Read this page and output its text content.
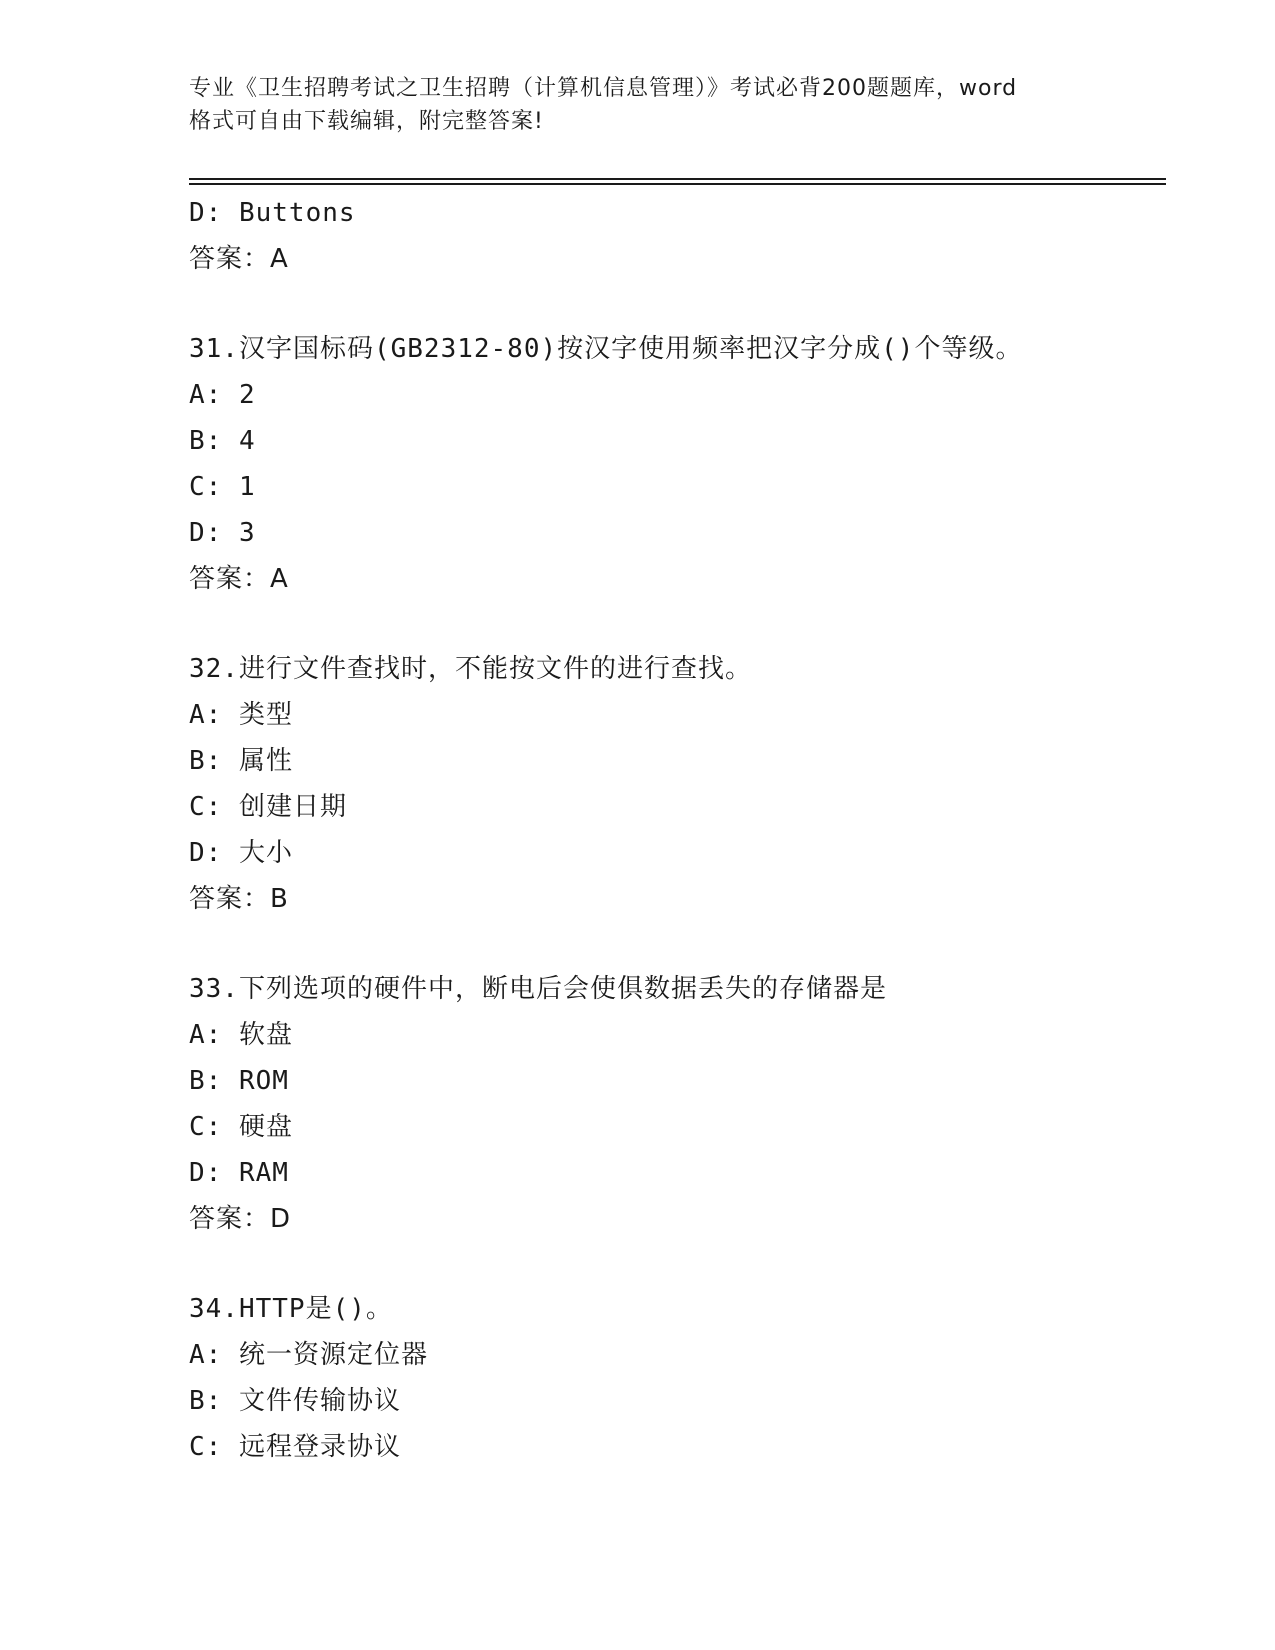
专业《卫生招聘考试之卫生招聘（计算机信息管理）》考试必背200题题库，word
格式可自由下载编辑，附完整答案!
D: Buttons
答案：A
31.汉字国标码(GB2312-80)按汉字使用频率把汉字分成()个等级。
A: 2
B: 4
C: 1
D: 3
答案：A
32.进行文件查找时，不能按文件的进行查找。
A: 类型
B: 属性
C: 创建日期
D: 大小
答案：B
33.下列选项的硬件中，断电后会使俱数据丢失的存储器是
A: 软盘
B: ROM
C: 硬盘
D: RAM
答案：D
34.HTTP是()。
A: 统一资源定位器
B: 文件传输协议
C: 远程登录协议
